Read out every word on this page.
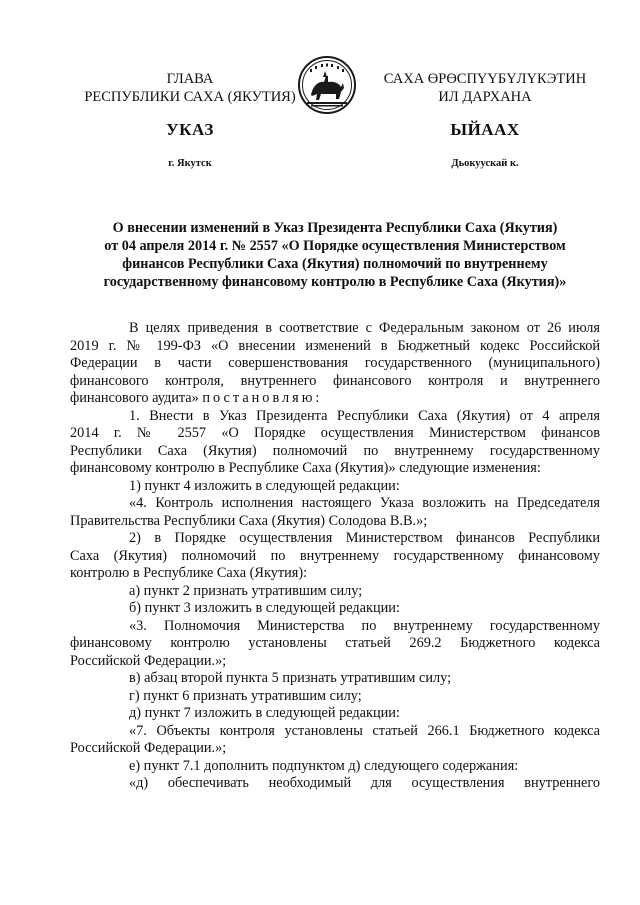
ГЛАВА
РЕСПУБЛИКИ САХА (ЯКУТИЯ)
САХА ӨРӨСПҮҮБҮЛҮКЭТИН
ИЛ ДАРХАНА
УКАЗ	ЫЙААХ
г. Якутск	Дьокуускай к.
О внесении изменений в Указ Президента Республики Саха (Якутия)
от 04 апреля 2014 г. № 2557 «О Порядке осуществления Министерством
финансов Республики Саха (Якутия) полномочий по внутреннему
государственному финансовому контролю в Республике Саха (Якутия)»
В целях приведения в соответствие с Федеральным законом от 26 июля
2019 г. № 199-ФЗ «О внесении изменений в Бюджетный кодекс Российской
Федерации в части совершенствования государственного (муниципального)
финансового контроля, внутреннего финансового контроля и внутреннего
финансового аудита» постановляю:
1. Внести в Указ Президента Республики Саха (Якутия) от 4 апреля
2014 г. № 2557 «О Порядке осуществления Министерством финансов
Республики Саха (Якутия) полномочий по внутреннему государственному
финансовому контролю в Республике Саха (Якутия)» следующие изменения:
1) пункт 4 изложить в следующей редакции:
«4. Контроль исполнения настоящего Указа возложить на Председателя
Правительства Республики Саха (Якутия) Солодова В.В.»;
2) в Порядке осуществления Министерством финансов Республики
Саха (Якутия) полномочий по внутреннему государственному финансовому
контролю в Республике Саха (Якутия):
а) пункт 2 признать утратившим силу;
б) пункт 3 изложить в следующей редакции:
«3. Полномочия Министерства по внутреннему государственному
финансовому контролю установлены статьей 269.2 Бюджетного кодекса
Российской Федерации.»;
в) абзац второй пункта 5 признать утратившим силу;
г) пункт 6 признать утратившим силу;
д) пункт 7 изложить в следующей редакции:
«7. Объекты контроля установлены статьей 266.1 Бюджетного кодекса
Российской Федерации.»;
е) пункт 7.1 дополнить подпунктом д) следующего содержания:
«д) обеспечивать необходимый для осуществления внутреннего
